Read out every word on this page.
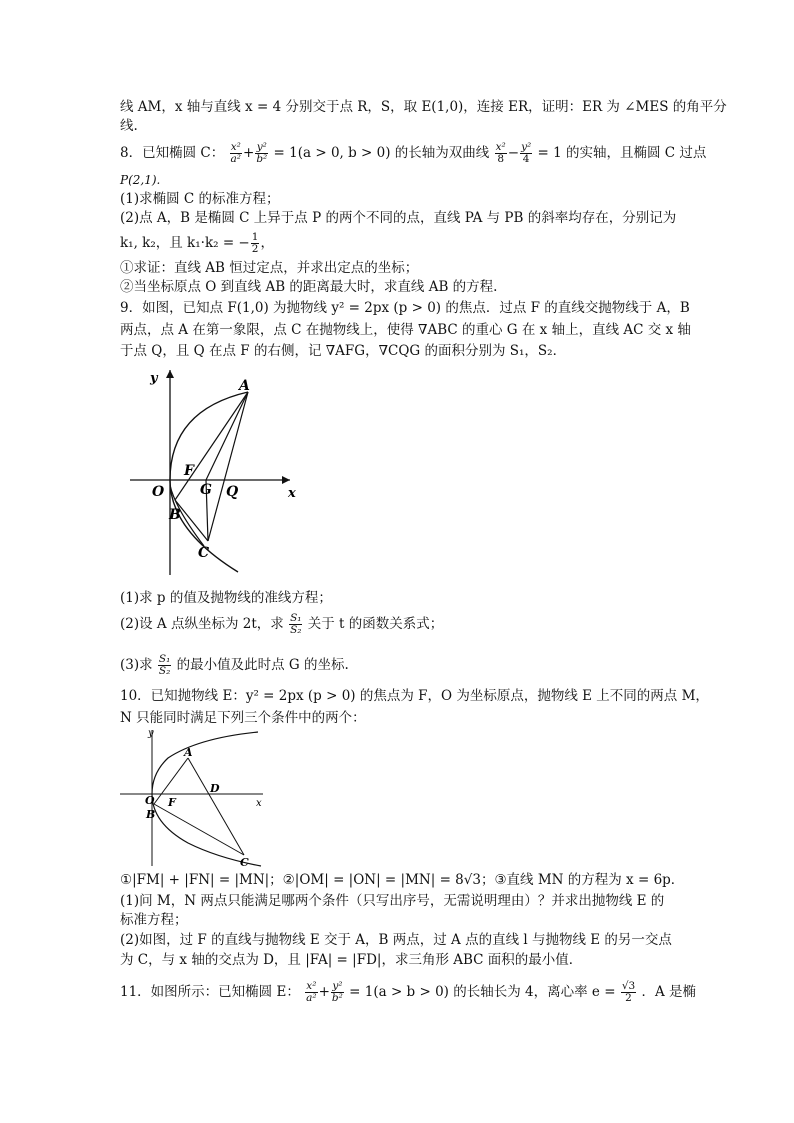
线 AM，x 轴与直线 x = 4 分别交于点 R，S，取 E(1,0)，连接 ER，证明：ER 为 ∠MES 的角平分
线.
8．已知椭圆 C： $\frac{\text{x²}}{\text{a²}} + \frac{\text{y²}}{\text{b²}} = 1(a > 0$, b > 0) 的长轴为双曲线 $\frac{\text{x²}}{8} - \frac{\text{y²}}{4} = 1$ 的实轴，且椭圆 C 过点
P(2,1).
(1)求椭圆 C 的标准方程；
(2)点 A，B 是椭圆 C 上异于点 P 的两个不同的点，直线 PA 与 PB 的斜率均存在，分别记为
k₁, k₂，且 k₁·k₂ = − $\frac{1}{2}$ ，
①求证：直线 AB 恒过定点，并求出定点的坐标；
②当坐标原点 O 到直线 AB 的距离最大时，求直线 AB 的方程.
9．如图，已知点 F(1,0) 为抛物线 y² = 2px (p > 0) 的焦点．过点 F 的直线交抛物线于 A，B
两点，点 A 在第一象限，点 C 在抛物线上，使得 ∇ABC 的重心 G 在 x 轴上，直线 AC 交 x 轴
于点 Q，且 Q 在点 F 的右侧，记 ∇AFG，∇CQG 的面积分别为 S₁，S₂．
y
x
O
F
G Q
A
B
C
(1)求 p 的值及抛物线的准线方程；
(2)设 A 点纵坐标为 2t，求 $\frac{\text{S₁}}{\text{S₂}}$ 关于 t 的函数关系式；
(3)求 $\frac{\text{S₁}}{\text{S₂}}$ 的最小值及此时点 G 的坐标.
10．已知抛物线 E：y² = 2px (p > 0) 的焦点为 F，O 为坐标原点，抛物线 E 上不同的两点 M，
N 只能同时满足下列三个条件中的两个：
y
x
O F
B
A
D
C
①|FM| + |FN| = |MN|；②|OM| = |ON| = |MN| = 8√3；③直线 MN 的方程为 x = 6p．
(1)问 M，N 两点只能满足哪两个条件（只写出序号，无需说明理由）？并求出抛物线 E 的
标准方程；
(2)如图，过 F 的直线与抛物线 E 交于 A，B 两点，过 A 点的直线 l 与抛物线 E 的另一交点
为 C，与 x 轴的交点为 D，且 |FA| = |FD|，求三角形 ABC 面积的最小值．
11．如图所示：已知椭圆 E： $\frac{\text{x²}}{\text{a²}} + \frac{\text{y²}}{\text{b²}} = 1(a > b > 0)$ 的长轴长为 4，离心率 $e = \frac{√3}{2}$ ．A 是椭
